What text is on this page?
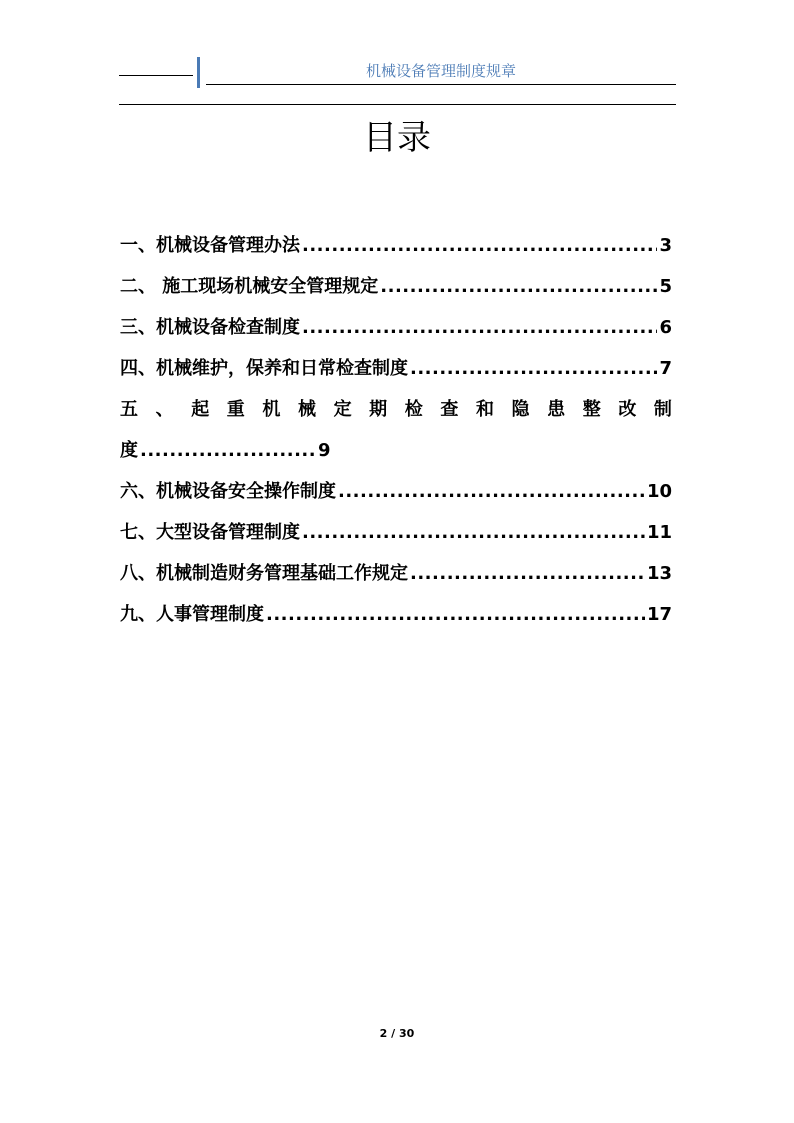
机械设备管理制度规章
目录
一、机械设备管理办法 .....	3
二、 施工现场机械安全管理规定 .....	5
三、机械设备检查制度 .....	6
四、机械维护，保养和日常检查制度 .....	7
五 、 起 重 机 械 定 期 检 查 和 隐 患 整 改 制
度 .....	9
六、机械设备安全操作制度 .....	10
七、大型设备管理制度 .....	11
八、机械制造财务管理基础工作规定 .....	13
九、人事管理制度 .....	17
2 / 30
